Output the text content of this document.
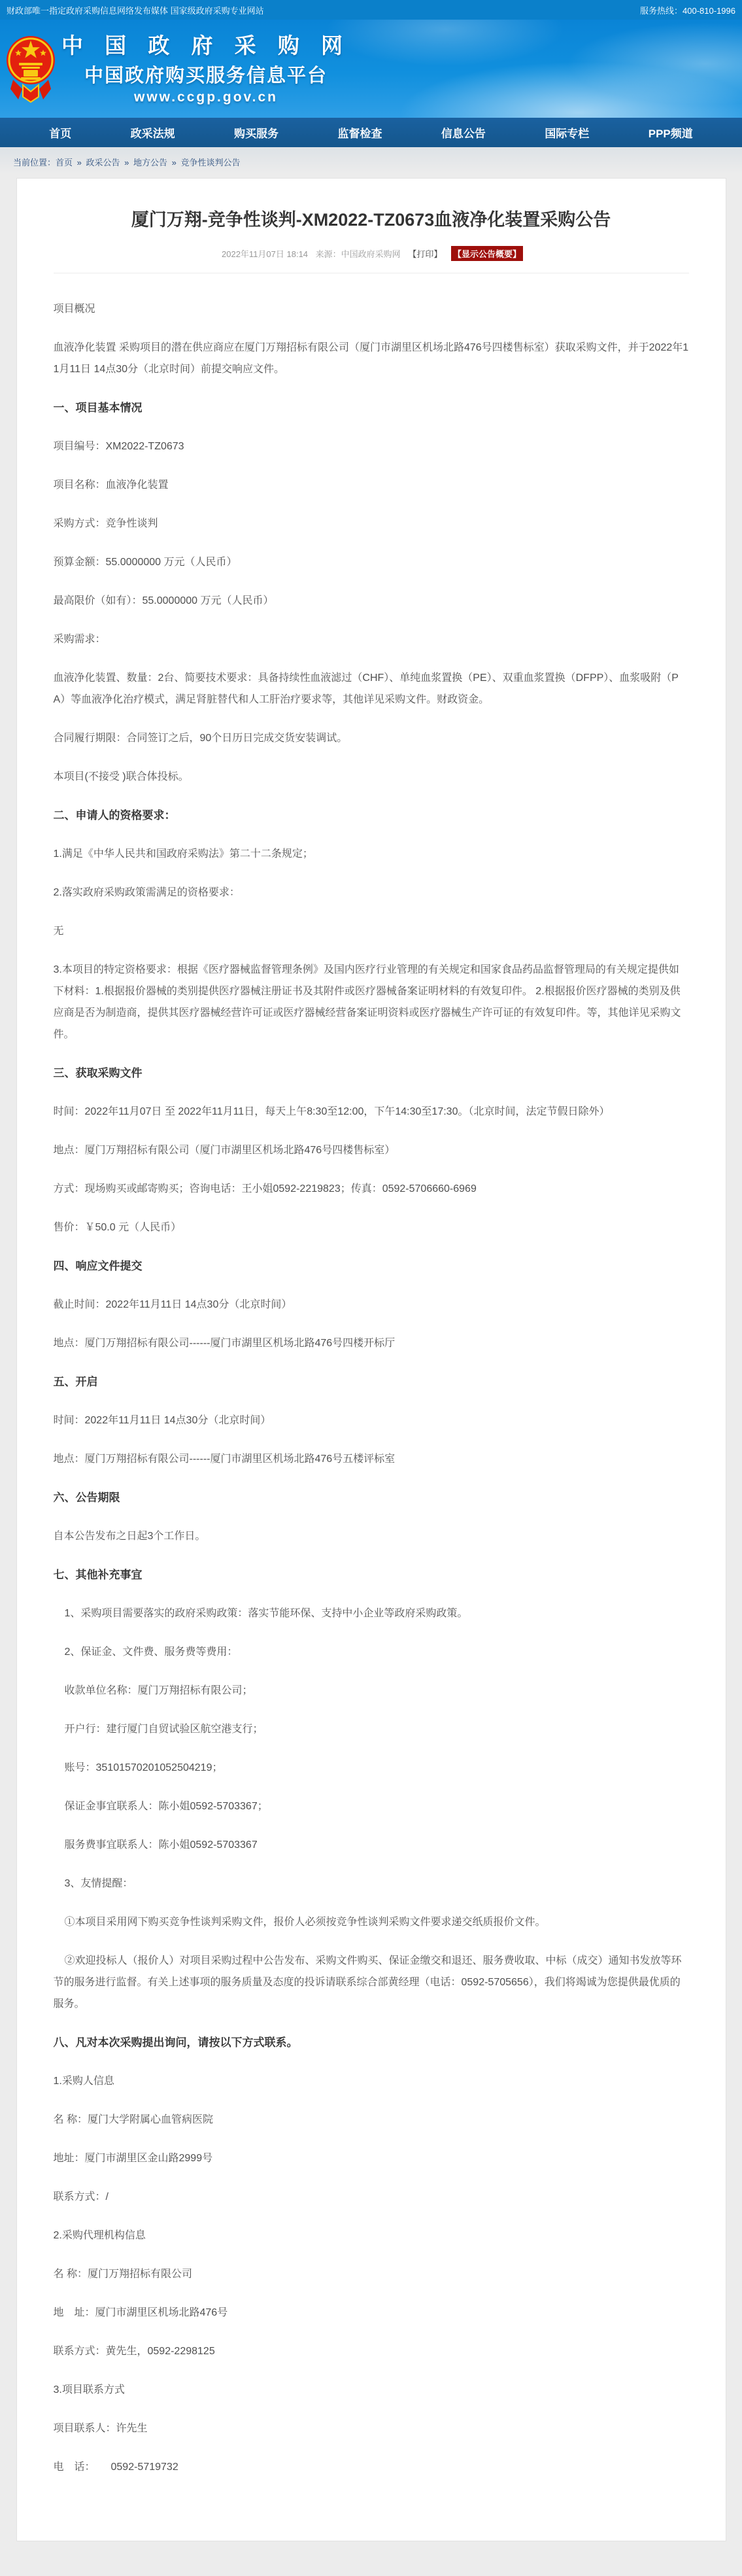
财政部唯一指定政府采购信息网络发布媒体 国家级政府采购专业网站	服务热线：400-810-1996
中 国 政 府 采 购 网
中国政府购买服务信息平台
www.ccgp.gov.cn
首页	政采法规	购买服务	监督检查	信息公告	国际专栏	PPP频道
当前位置：首页 » 政采公告 » 地方公告 » 竞争性谈判公告
厦门万翔-竞争性谈判-XM2022-TZ0673血液净化装置采购公告
2022年11月07日 18:14 来源：中国政府采购网 【打印】 【显示公告概要】
项目概况
血液净化装置 采购项目的潜在供应商应在厦门万翔招标有限公司（厦门市湖里区机场北路476号四楼售标室）获取采购文件，并于2022年11月11日 14点30分（北京时间）前提交响应文件。
一、项目基本情况
项目编号：XM2022-TZ0673
项目名称：血液净化装置
采购方式：竞争性谈判
预算金额：55.0000000 万元（人民币）
最高限价（如有）：55.0000000 万元（人民币）
采购需求：
血液净化装置、数量：2台、简要技术要求：具备持续性血液滤过（CHF）、单纯血浆置换（PE）、双重血浆置换（DFPP）、血浆吸附（PA）等血液净化治疗模式，满足肾脏替代和人工肝治疗要求等，其他详见采购文件。财政资金。
合同履行期限：合同签订之后，90个日历日完成交货安装调试。
本项目(不接受 )联合体投标。
二、申请人的资格要求：
1.满足《中华人民共和国政府采购法》第二十二条规定；
2.落实政府采购政策需满足的资格要求：
无
3.本项目的特定资格要求：根据《医疗器械监督管理条例》及国内医疗行业管理的有关规定和国家食品药品监督管理局的有关规定提供如下材料：1.根据报价器械的类别提供医疗器械注册证书及其附件或医疗器械备案证明材料的有效复印件。 2.根据报价医疗器械的类别及供应商是否为制造商，提供其医疗器械经营许可证或医疗器械经营备案证明资料或医疗器械生产许可证的有效复印件。等，其他详见采购文件。
三、获取采购文件
时间：2022年11月07日 至 2022年11月11日，每天上午8:30至12:00，下午14:30至17:30。（北京时间，法定节假日除外）
地点：厦门万翔招标有限公司（厦门市湖里区机场北路476号四楼售标室）
方式：现场购买或邮寄购买；咨询电话：王小姐0592-2219823；传真：0592-5706660-6969
售价：￥50.0 元（人民币）
四、响应文件提交
截止时间：2022年11月11日 14点30分（北京时间）
地点：厦门万翔招标有限公司------厦门市湖里区机场北路476号四楼开标厅
五、开启
时间：2022年11月11日 14点30分（北京时间）
地点：厦门万翔招标有限公司------厦门市湖里区机场北路476号五楼评标室
六、公告期限
自本公告发布之日起3个工作日。
七、其他补充事宜
1、采购项目需要落实的政府采购政策：落实节能环保、支持中小企业等政府采购政策。
2、保证金、文件费、服务费等费用：
收款单位名称：厦门万翔招标有限公司；
开户行：建行厦门自贸试验区航空港支行；
账号：35101570201052504219；
保证金事宜联系人：陈小姐0592-5703367；
服务费事宜联系人：陈小姐0592-5703367
3、友情提醒：
①本项目采用网下购买竞争性谈判采购文件，报价人必须按竞争性谈判采购文件要求递交纸质报价文件。
②欢迎投标人（报价人）对项目采购过程中公告发布、采购文件购买、保证金缴交和退还、服务费收取、中标（成交）通知书发放等环节的服务进行监督。有关上述事项的服务质量及态度的投诉请联系综合部黄经理（电话：0592-5705656），我们将竭诚为您提供最优质的服务。
八、凡对本次采购提出询问，请按以下方式联系。
1.采购人信息
名 称：厦门大学附属心血管病医院
地址：厦门市湖里区金山路2999号
联系方式：/
2.采购代理机构信息
名 称：厦门万翔招标有限公司
地　址：厦门市湖里区机场北路476号
联系方式：黄先生，0592-2298125
3.项目联系方式
项目联系人：许先生
电　话：　　0592-5719732
